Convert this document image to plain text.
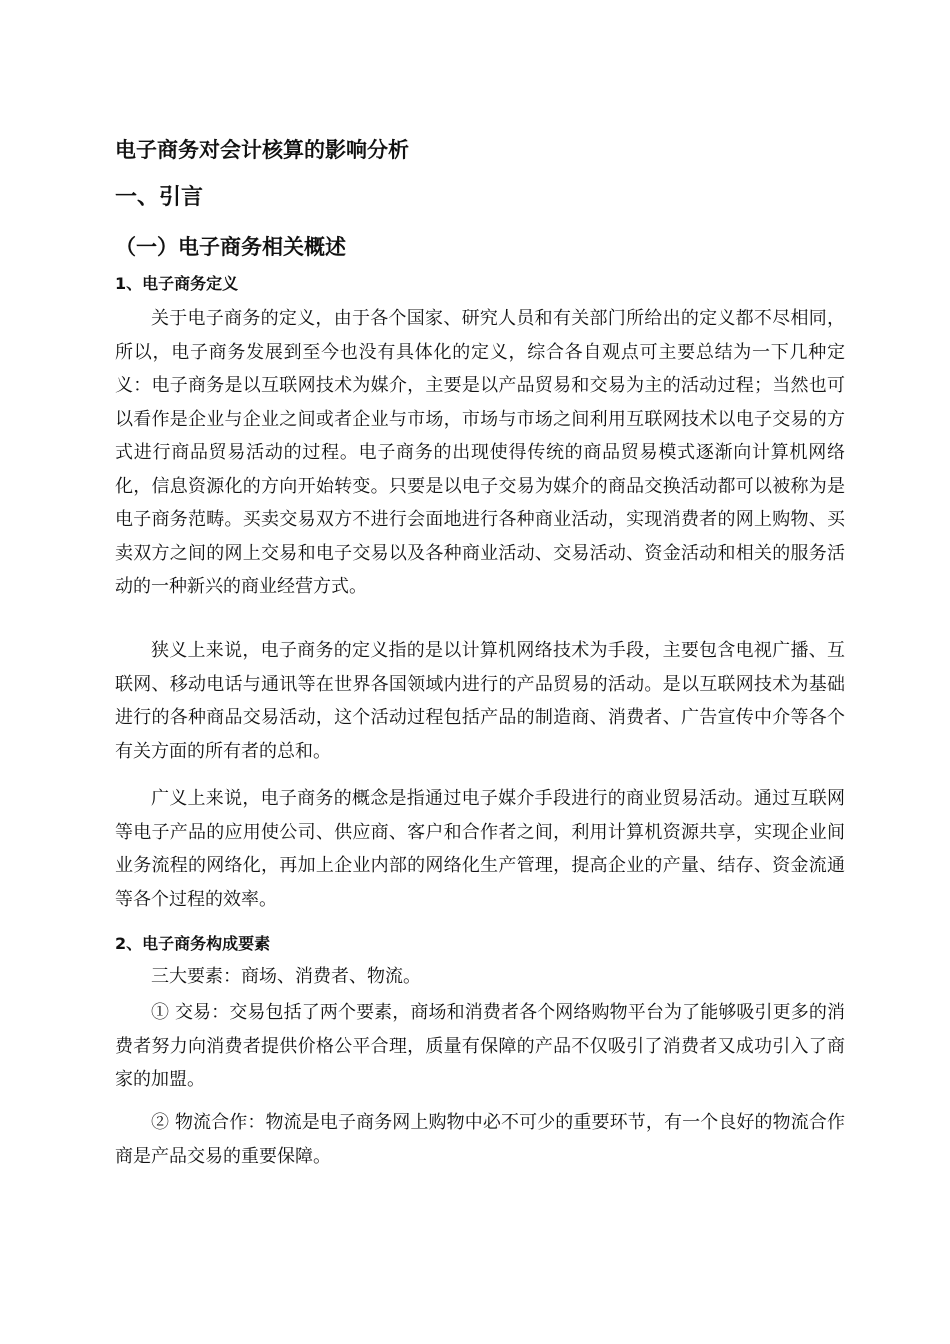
电子商务对会计核算的影响分析
一、引言
（一）电子商务相关概述
1、电子商务定义

关于电子商务的定义，由于各个国家、研究人员和有关部门所给出的定义都不尽相同，所以，电子商务发展到至今也没有具体化的定义，综合各自观点可主要总结为一下几种定义：电子商务是以互联网技术为媒介，主要是以产品贸易和交易为主的活动过程；当然也可以看作是企业与企业之间或者企业与市场，市场与市场之间利用互联网技术以电子交易的方式进行商品贸易活动的过程。电子商务的出现使得传统的商品贸易模式逐渐向计算机网络化，信息资源化的方向开始转变。只要是以电子交易为媒介的商品交换活动都可以被称为是电子商务范畴。买卖交易双方不进行会面地进行各种商业活动，实现消费者的网上购物、买卖双方之间的网上交易和电子交易以及各种商业活动、交易活动、资金活动和相关的服务活动的一种新兴的商业经营方式。

狭义上来说，电子商务的定义指的是以计算机网络技术为手段，主要包含电视广播、互联网、移动电话与通讯等在世界各国领域内进行的产品贸易的活动。是以互联网技术为基础进行的各种商品交易活动，这个活动过程包括产品的制造商、消费者、广告宣传中介等各个有关方面的所有者的总和。

广义上来说，电子商务的概念是指通过电子媒介手段进行的商业贸易活动。通过互联网等电子产品的应用使公司、供应商、客户和合作者之间，利用计算机资源共享，实现企业间业务流程的网络化，再加上企业内部的网络化生产管理，提高企业的产量、结存、资金流通等各个过程的效率。

2、电子商务构成要素

三大要素：商场、消费者、物流。

① 交易：交易包括了两个要素，商场和消费者各个网络购物平台为了能够吸引更多的消费者努力向消费者提供价格公平合理，质量有保障的产品不仅吸引了消费者又成功引入了商家的加盟。

② 物流合作：物流是电子商务网上购物中必不可少的重要环节，有一个良好的物流合作商是产品交易的重要保障。
